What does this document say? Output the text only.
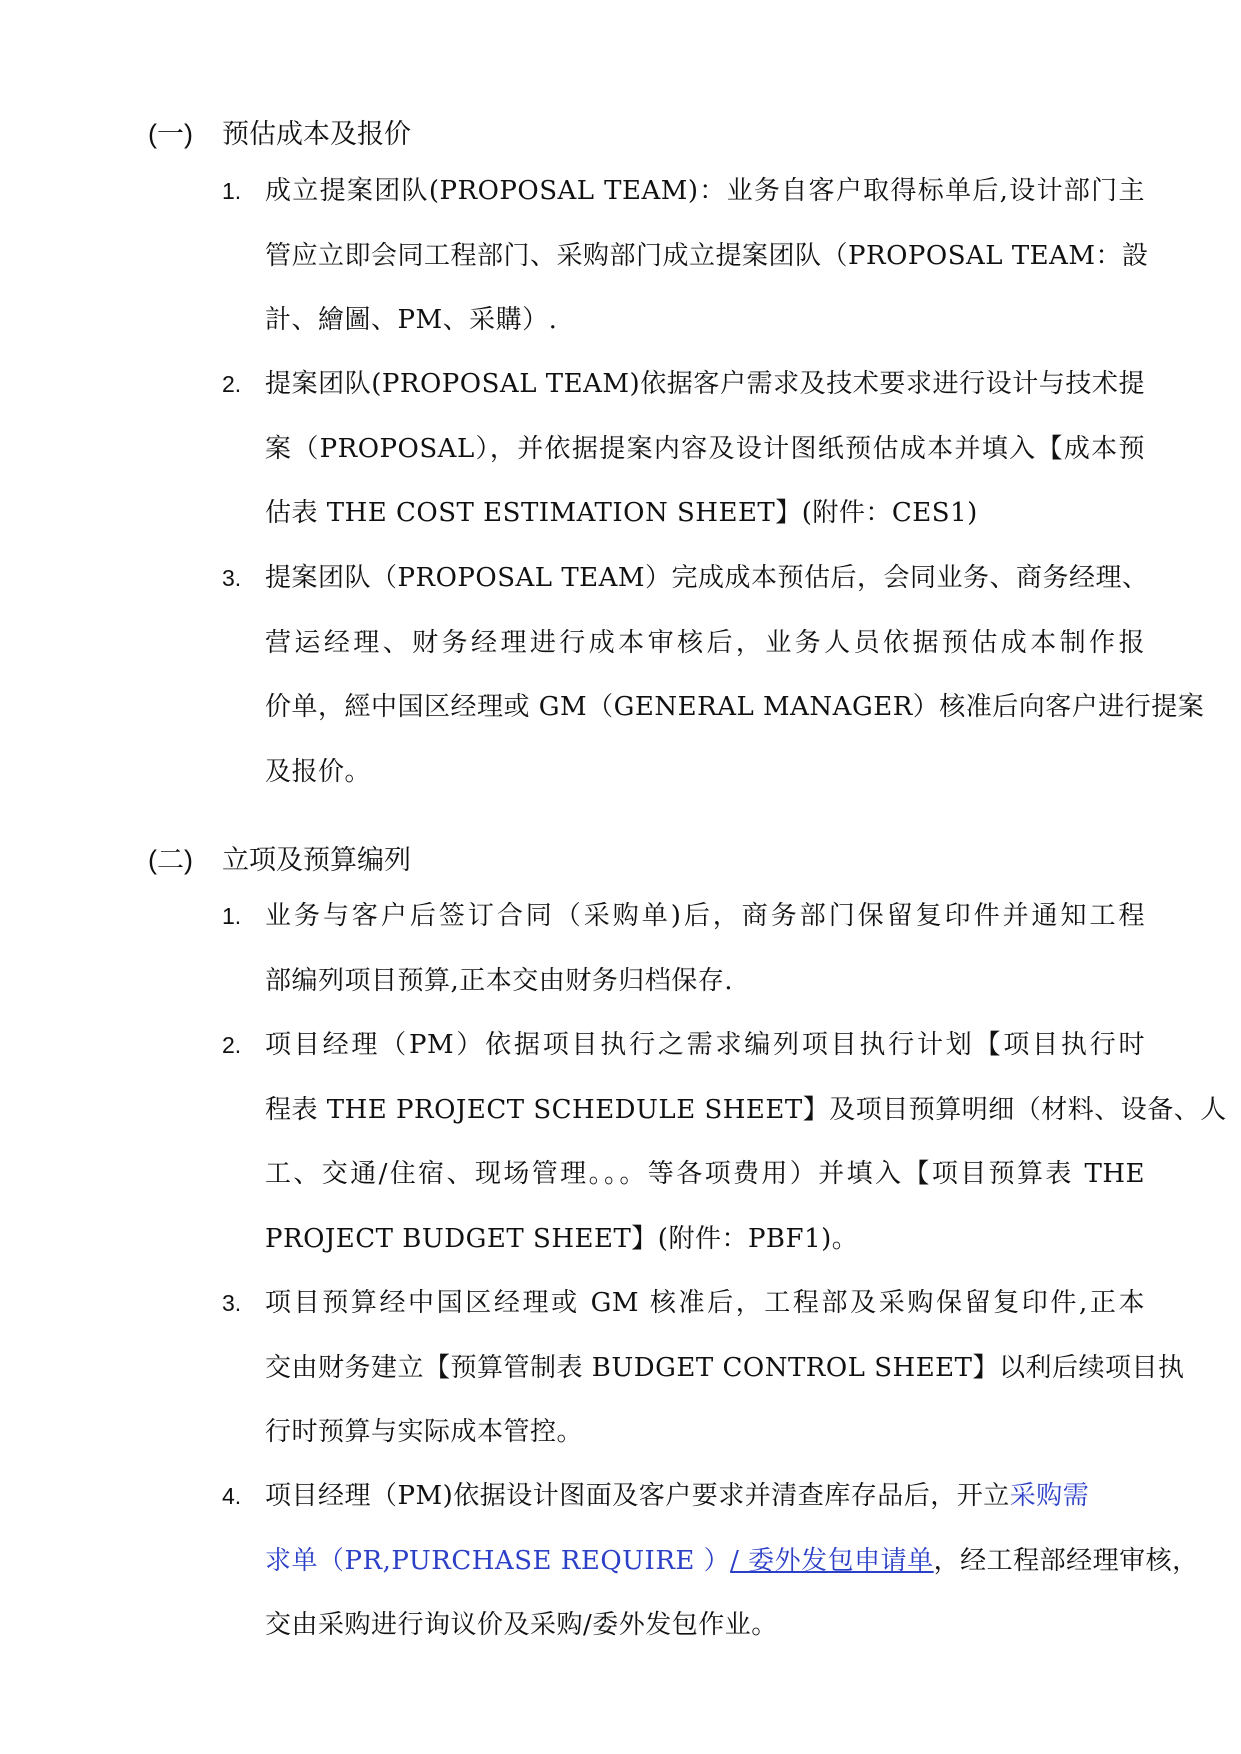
(一) 预估成本及报价
1. 成立提案团队(PROPOSAL TEAM)：业务自客户取得标单后,设计部门主
管应立即会同工程部门、采购部门成立提案团队（PROPOSAL TEAM：設
計、繪圖、PM、采購）.
2. 提案团队(PROPOSAL TEAM)依据客户需求及技术要求进行设计与技术提
案（PROPOSAL），并依据提案内容及设计图纸预估成本并填入【成本预
估表 THE COST ESTIMATION SHEET】(附件：CES1)
3. 提案团队（PROPOSAL TEAM）完成成本预估后，会同业务、商务经理、
营运经理、财务经理进行成本审核后，业务人员依据预估成本制作报
价单，經中国区经理或 GM（GENERAL MANAGER）核准后向客户进行提案
及报价。
(二) 立项及预算编列
1. 业务与客户后签订合同（采购单)后，商务部门保留复印件并通知工程
部编列项目预算,正本交由财务归档保存.
2. 项目经理（PM）依据项目执行之需求编列项目执行计划【项目执行时
程表 THE PROJECT SCHEDULE SHEET】及项目预算明细（材料、设备、人
工、交通/住宿、现场管理。。。等各项费用）并填入【项目预算表 THE
PROJECT BUDGET SHEET】(附件：PBF1)。
3. 项目预算经中国区经理或 GM 核准后，工程部及采购保留复印件,正本
交由财务建立【预算管制表 BUDGET CONTROL SHEET】以利后续项目执
行时预算与实际成本管控。
4. 项目经理（PM)依据设计图面及客户要求并清查库存品后，开立采购需
求单（PR,PURCHASE REQUIRE ）/ 委外发包申请单，经工程部经理审核，
交由采购进行询议价及采购/委外发包作业。
